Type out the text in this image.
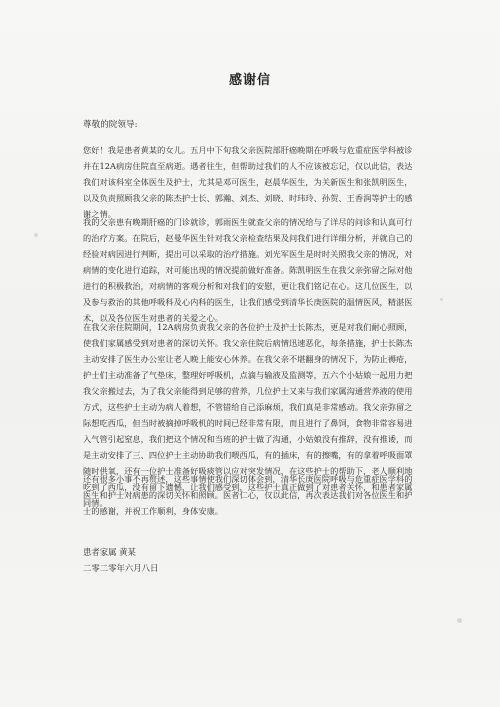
感谢信
尊敬的院领导:
您好！我是患者黄某的女儿。五月中下旬我父亲医院部肝癌晚期在呼吸与危重症医学科被诊并在12A病房住院直至病逝。遇者往生，但帮助过我们的人不应该被忘记，仅以此信，表达我们对该科室全体医生及护士，尤其是邓可医生，赵晨华医生，为关新医生和张凯明医生，以及负责照顾我父亲的陈杰护士长、郭瀚、刘杰、刘晓、时玮玲、孙贺、王香润等护士的感谢之情。
我的父亲患有晚期肝癌的门诊就诊，郭雨医生就查父亲的情况给与了详尽的问诊和认真可行的治疗方案。在院后，赵曼华医生针对我父亲检查结果及问我们进行详细分析，并就自己的经验对病因进行判断，提出可以采取的治疗措施。刘光军医生是时时关照我父亲的情况，对病情的变化进行追踪，对可能出现的情况提前做好准备。陈凯明医生在我父亲弥留之际对他进行的积极救治，对病情的客观分析和对我们的安慰，更让我们铭记在心。这几位医生，以及参与救治的其他呼吸科及心内科的医生，让我们感受到清华长庚医院的温情医风，精湛医术，以及各位医生对患者的关爱之心。
在我父亲住院期间，12A病房负责我父亲的各位护士及护士长陈杰，更是对我们耐心照顾，使我们家属感受到对患者的深切关怀。我父亲住院后病情迅速恶化，每条措施，护士长陈杰主动安排了医生办公室让老人晚上能安心休养。在我父亲不堪翻身的情况下，为防止褥疮，护士们主动准备了气垫床，整理好呼吸机，点滴与输液及监测等，五六个小姑娘一起用力把我父亲搬过去，为了我父亲能得到足够的营养，几位护士又来与我们家属沟通营养液的使用方式，这些护士主动为病人着想，不管错给自己添麻烦，我们真是非常感动。我父亲弥留之际想吃西瓜，但当时被摘掉呼吸机的时间已经非常有限，而且进行了鼻饲，食物非常容易进入气管引起窒息，我们把这个情况和当班的护士做了沟通，小姑娘没有推辞，没有推诿，而是主动安排了三、四位护士主动协助我们喂西瓜，有的插床，有的擦嘴，有的拿着呼吸面罩随时供氧，还有一位护士准备好吸痰管以应对突发情况，在这些护士的帮助下，老人顺利地吃到了西瓜，没有留下遗憾，让我们感受到，这些护士真正做到了对患者关怀，和患者家属同情。
还有很多小事不再赘述，这些事情使我们深切体会到，清华长庚医院呼吸与危重症医学科的医生和护士对病患的深切关怀和照顾。医者仁心，仅以此信，再次表达我们对各位医生和护士的感谢，并祝工作顺利，身体安康。
患者家属 黄某
二零二零年六月八日
